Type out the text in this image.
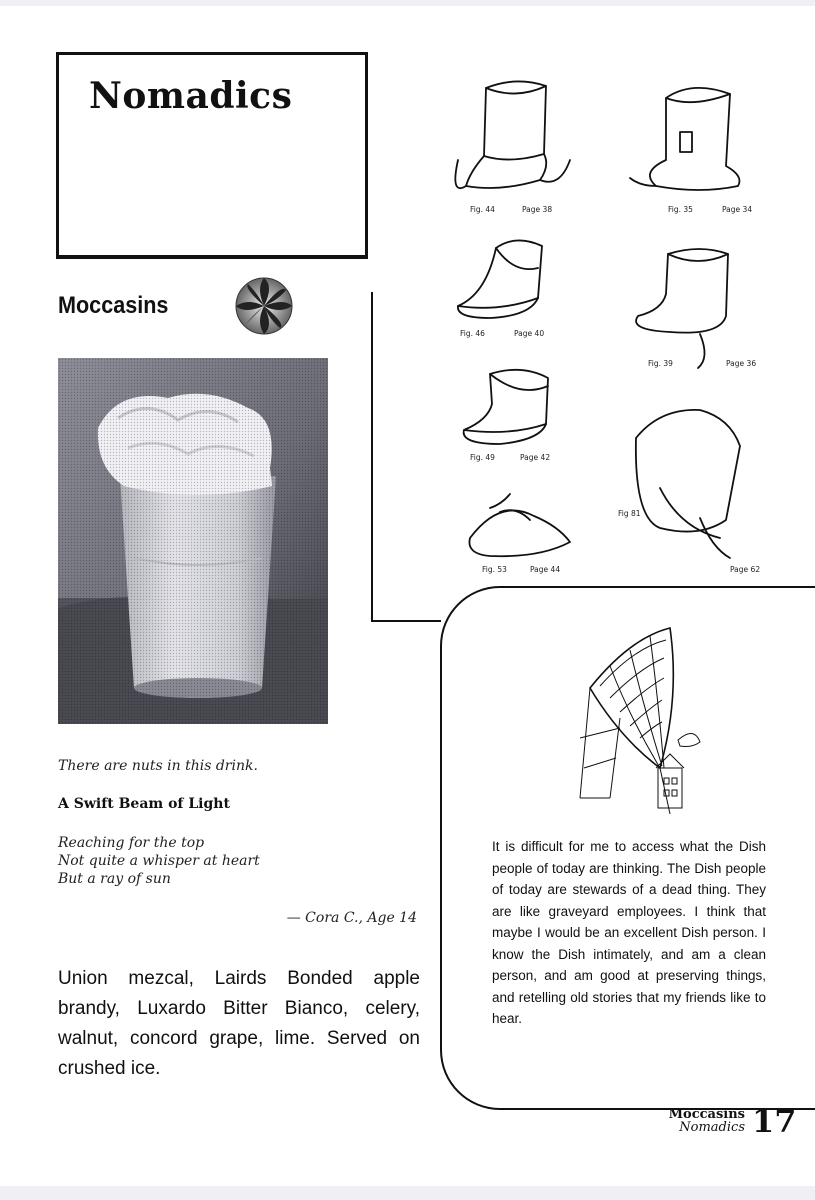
Nomadics
Moccasins
There are nuts in this drink.
A Swift Beam of Light
Reaching for the top
Not quite a whisper at heart
But a ray of sun
— Cora C., Age 14
Union mezcal, Lairds Bonded apple brandy, Luxardo Bitter Bianco, celery, walnut, concord grape, lime. Served on crushed ice.
Fig. 44	Page 38	Fig. 35	Page 34
Fig. 46	Page 40
Fig. 39	Page 36
Fig. 49	Page 42
Fig 81
Page 62
Fig. 53	Page 44
It is difficult for me to access what the Dish people of today are thinking. The Dish people of today are stewards of a dead thing. They are like graveyard employees. I think that maybe I would be an excellent Dish person. I know the Dish intimately, and am a clean person, and am good at preserving things, and retelling old stories that my friends like to hear.
Moccasins
Nomadics 17
